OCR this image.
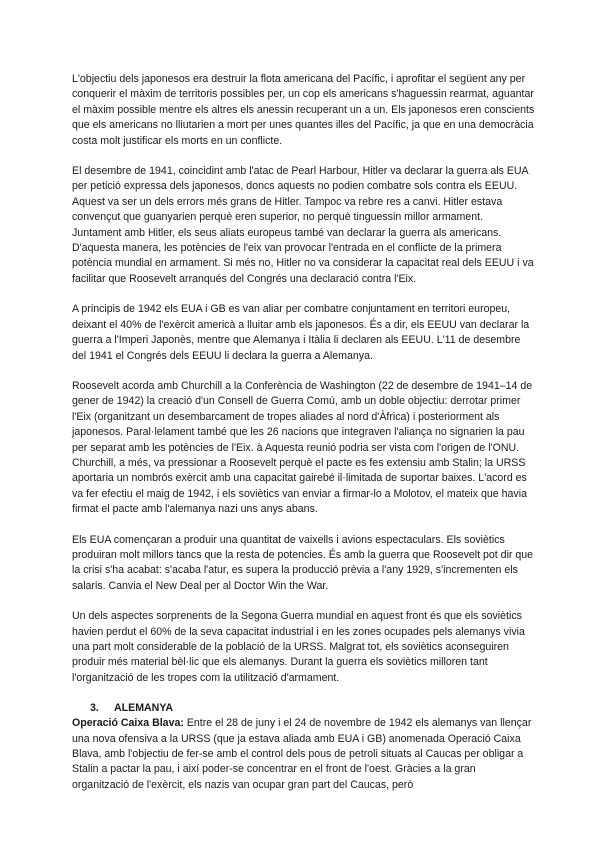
L'objectiu dels japonesos era destruir la flota americana del Pacífic, i aprofitar el següent any per conquerir el màxim de territoris possibles per, un cop els americans s'haguessin rearmat, aguantar el màxim possible mentre els altres els anessin recuperant un a un. Els japonesos eren conscients que els americans no lliutarien a mort per unes quantes illes del Pacífic, ja que en una democràcia costa molt justificar els morts en un conflicte.

El desembre de 1941, coincidint amb l'atac de Pearl Harbour, Hitler va declarar la guerra als EUA per petició expressa dels japonesos, doncs aquests no podien combatre sols contra els EEUU. Aquest va ser un dels errors més grans de Hitler. Tampoc va rebre res a canvi. Hitler estava convençut que guanyarien perquè eren superior, no perquè tinguessin millor armament. Juntament amb Hitler, els seus aliats europeus també van declarar la guerra als americans. D'aquesta manera, les potències de l'eix van provocar l'entrada en el conflicte de la primera potència mundial en armament. Si més no, Hitler no va considerar la capacitat real dels EEUU i va facilitar que Roosevelt arranqués del Congrés una declaració contra l'Eix.

A principis de 1942 els EUA i GB es van aliar per combatre conjuntament en territori europeu, deixant el 40% de l'exèrcit americà a lluitar amb els japonesos. És a dir, els EEUU van declarar la guerra a l'Imperi Japonès, mentre que Alemanya i Itàlia li declaren als EEUU. L'11 de desembre del 1941 el Congrés dels EEUU li declara la guerra a Alemanya.

Roosevelt acorda amb Churchill a la Conferència de Washington (22 de desembre de 1941–14 de gener de 1942) la creació d'un Consell de Guerra Comú, amb un doble objectiu: derrotar primer l'Eix (organitzant un desembarcament de tropes aliades al nord d'Àfrica) i posteriorment als japonesos. Paral·lelament també que les 26 nacions que integraven l'aliança no signarien la pau per separat amb les potències de l'Eix. à Aquesta reunió podria ser vista com l'origen de l'ONU. Churchill, a més, va pressionar a Roosevelt perquè el pacte es fes extensiu amb Stalin; la URSS aportaria un nombrós exèrcit amb una capacitat gairebé il·limitada de suportar baixes. L'acord es va fer efectiu el maig de 1942, i els soviètics van enviar a firmar-lo a Molotov, el mateix que havia firmat el pacte amb l'alemanya nazi uns anys abans.

Els EUA començaran a produir una quantitat de vaixells i avions espectaculars. Els soviètics produiran molt millors tancs que la resta de potencies. És amb la guerra que Roosevelt pot dir que la crisi s'ha acabat: s'acaba l'atur, es supera la producció prèvia a l'any 1929, s'incrementen els salaris. Canvia el New Deal per al Doctor Win the War.

Un dels aspectes sorprenents de la Segona Guerra mundial en aquest front és que els soviètics havien perdut el 60% de la seva capacitat industrial i en les zones ocupades pels alemanys vivia una part molt considerable de la població de la URSS. Malgrat tot, els soviètics aconseguiren produir més material bèl·lic que els alemanys. Durant la guerra els soviètics milloren tant l'organització de les tropes com la utilització d'armament.

3. ALEMANYA

Operació Caixa Blava: Entre el 28 de juny i el 24 de novembre de 1942 els alemanys van llençar una nova ofensiva a la URSS (que ja estava aliada amb EUA i GB) anomenada Operació Caixa Blava, amb l'objectiu de fer-se amb el control dels pous de petroli situats al Caucas per obligar a Stalin a pactar la pau, i així poder-se concentrar en el front de l'oest. Gràcies a la gran organització de l'exèrcit, els nazis van ocupar gran part del Caucas, però
